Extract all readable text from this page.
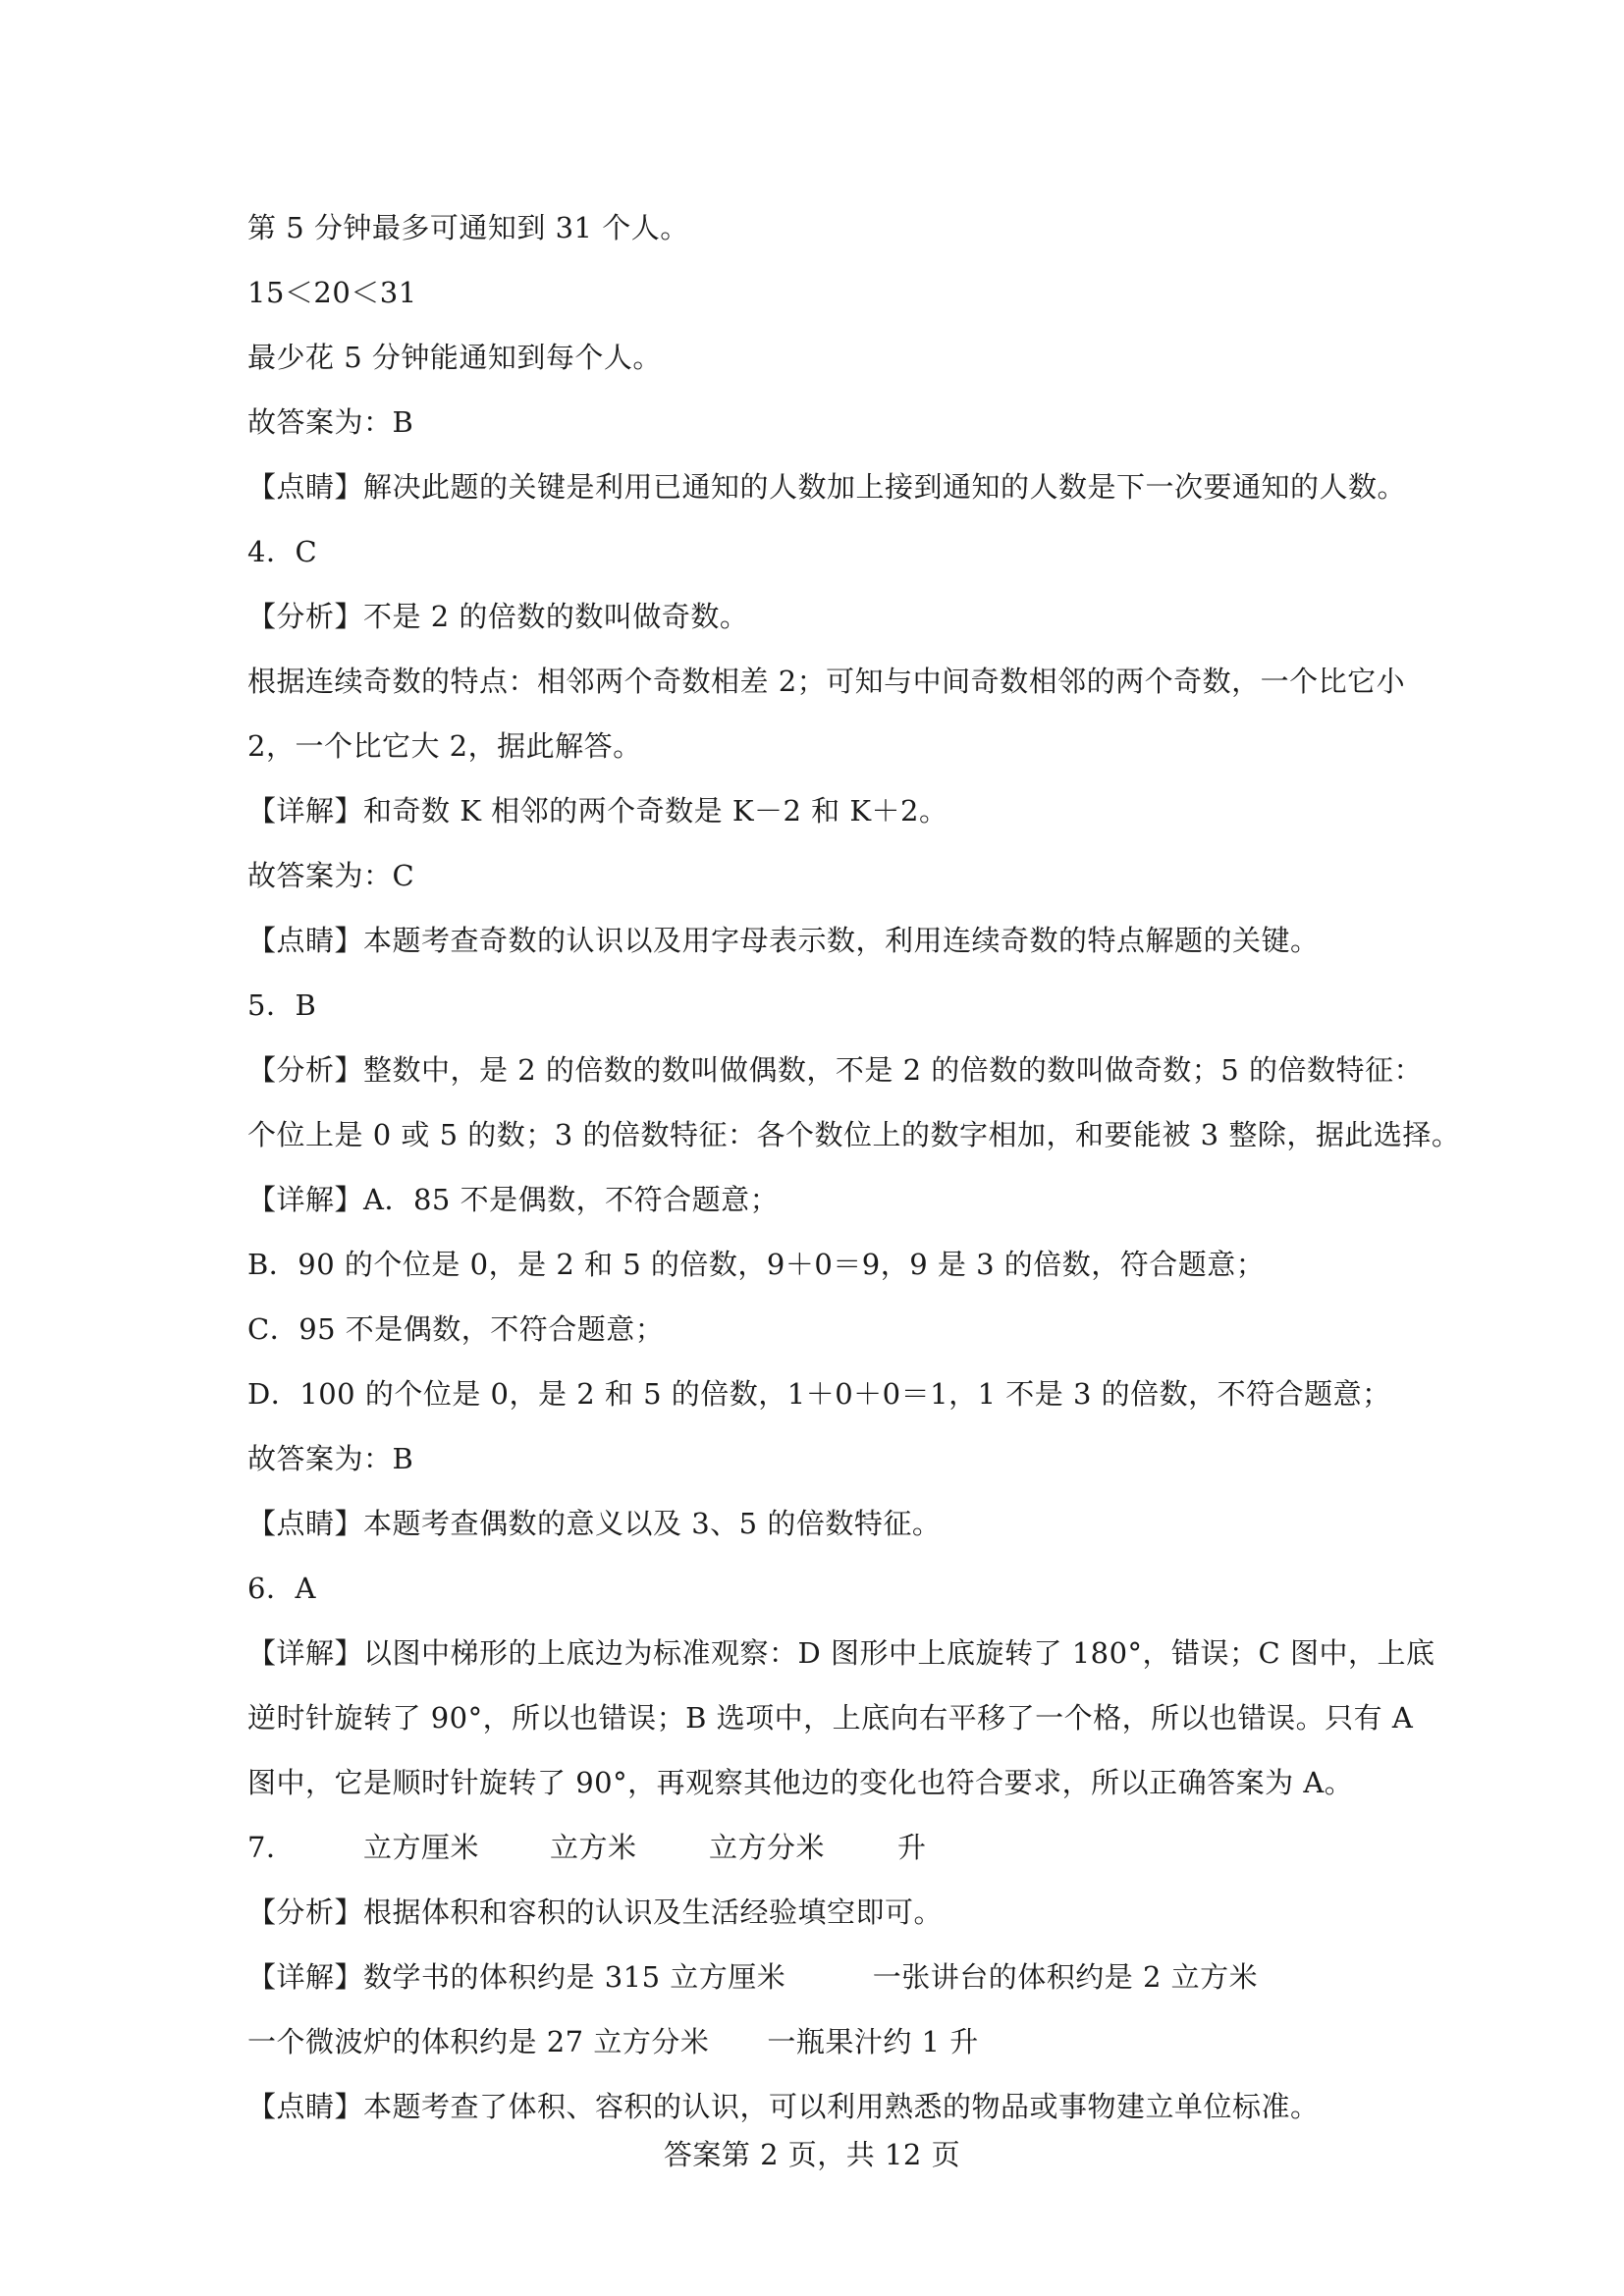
第 5 分钟最多可通知到 31 个人。
15＜20＜31
最少花 5 分钟能通知到每个人。
故答案为：B
【点睛】解决此题的关键是利用已通知的人数加上接到通知的人数是下一次要通知的人数。
4．C
【分析】不是 2 的倍数的数叫做奇数。
根据连续奇数的特点：相邻两个奇数相差 2；可知与中间奇数相邻的两个奇数，一个比它小
2，一个比它大 2，据此解答。
【详解】和奇数 K 相邻的两个奇数是 K－2 和 K＋2。
故答案为：C
【点睛】本题考查奇数的认识以及用字母表示数，利用连续奇数的特点解题的关键。
5．B
【分析】整数中，是 2 的倍数的数叫做偶数，不是 2 的倍数的数叫做奇数；5 的倍数特征：
个位上是 0 或 5 的数；3 的倍数特征：各个数位上的数字相加，和要能被 3 整除，据此选择。
【详解】A．85 不是偶数，不符合题意；
B．90 的个位是 0，是 2 和 5 的倍数，9＋0＝9，9 是 3 的倍数，符合题意；
C．95 不是偶数，不符合题意；
D．100 的个位是 0，是 2 和 5 的倍数，1＋0＋0＝1，1 不是 3 的倍数，不符合题意；
故答案为：B
【点睛】本题考查偶数的意义以及 3、5 的倍数特征。
6．A
【详解】以图中梯形的上底边为标准观察：D 图形中上底旋转了 180°，错误；C 图中，上底
逆时针旋转了 90°，所以也错误；B 选项中，上底向右平移了一个格，所以也错误。只有 A
图中，它是顺时针旋转了 90°，再观察其他边的变化也符合要求，所以正确答案为 A。
7． 立方厘米 立方米	立方分米	升
【分析】根据体积和容积的认识及生活经验填空即可。
【详解】数学书的体积约是 315 立方厘米　　　一张讲台的体积约是 2 立方米
一个微波炉的体积约是 27 立方分米　　一瓶果汁约 1 升
【点睛】本题考查了体积、容积的认识，可以利用熟悉的物品或事物建立单位标准。
答案第 2 页，共 12 页
